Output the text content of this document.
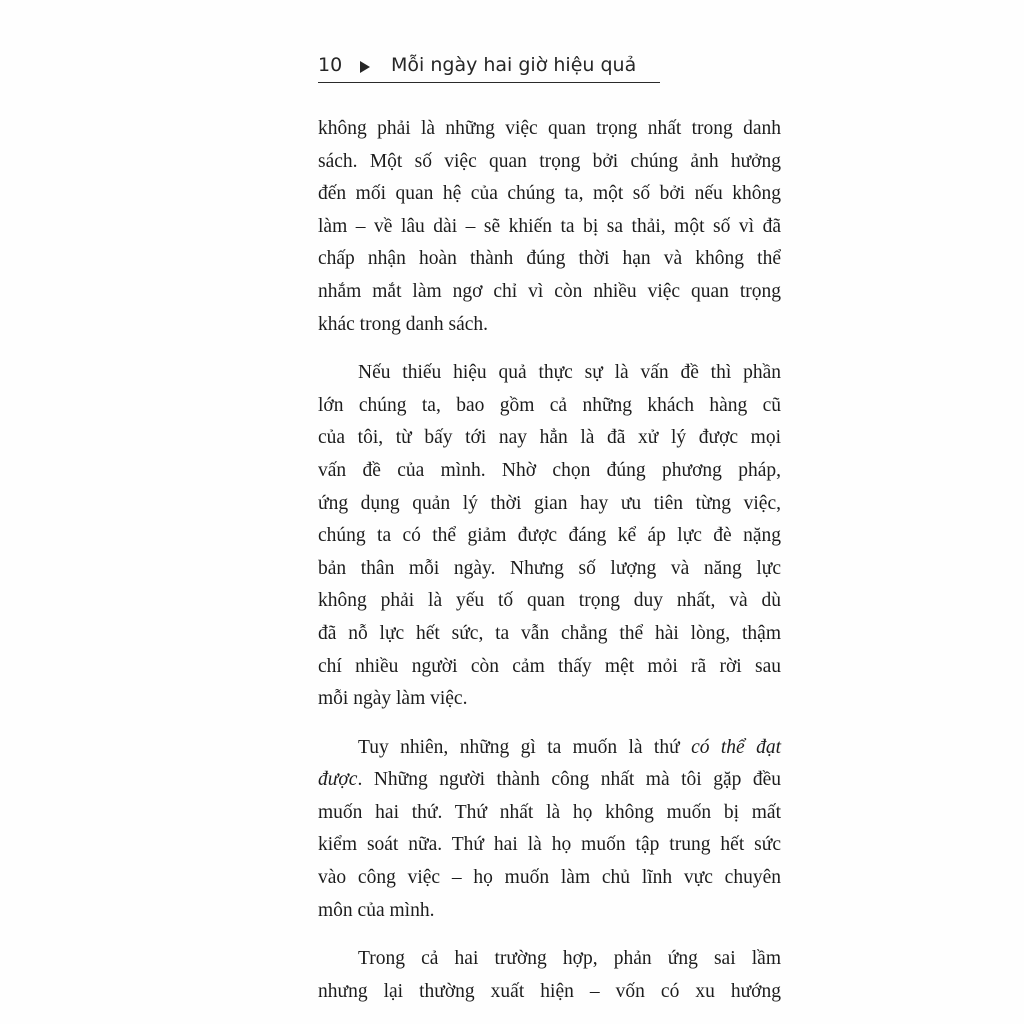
10	Mỗi ngày hai giờ hiệu quả
không phải là những việc quan trọng nhất trong danh
sách. Một số việc quan trọng bởi chúng ảnh hưởng
đến mối quan hệ của chúng ta, một số bởi nếu không
làm – về lâu dài – sẽ khiến ta bị sa thải, một số vì đã
chấp nhận hoàn thành đúng thời hạn và không thể
nhắm mắt làm ngơ chỉ vì còn nhiều việc quan trọng
khác trong danh sách.
Nếu thiếu hiệu quả thực sự là vấn đề thì phần
lớn chúng ta, bao gồm cả những khách hàng cũ
của tôi, từ bấy tới nay hẳn là đã xử lý được mọi
vấn đề của mình. Nhờ chọn đúng phương pháp,
ứng dụng quản lý thời gian hay ưu tiên từng việc,
chúng ta có thể giảm được đáng kể áp lực đè nặng
bản thân mỗi ngày. Nhưng số lượng và năng lực
không phải là yếu tố quan trọng duy nhất, và dù
đã nỗ lực hết sức, ta vẫn chẳng thể hài lòng, thậm
chí nhiều người còn cảm thấy mệt mỏi rã rời sau
mỗi ngày làm việc.
Tuy nhiên, những gì ta muốn là thứ có thể đạt
được. Những người thành công nhất mà tôi gặp đều
muốn hai thứ. Thứ nhất là họ không muốn bị mất
kiểm soát nữa. Thứ hai là họ muốn tập trung hết sức
vào công việc – họ muốn làm chủ lĩnh vực chuyên
môn của mình.
Trong cả hai trường hợp, phản ứng sai lầm
nhưng lại thường xuất hiện – vốn có xu hướng
